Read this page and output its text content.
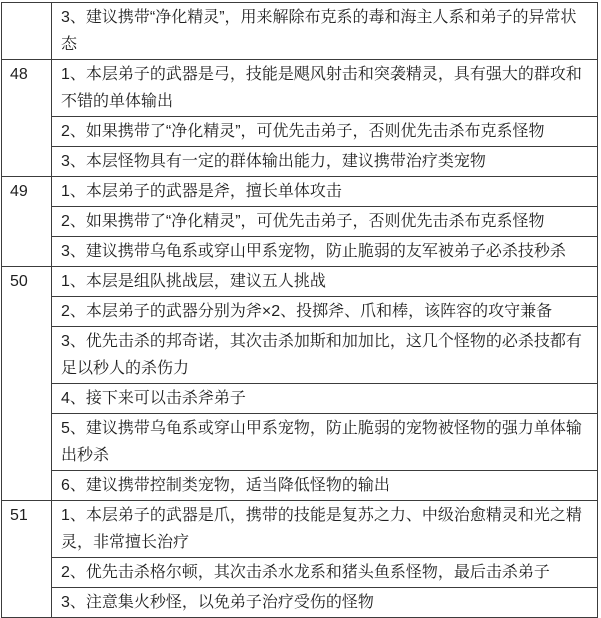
	3、建议携带“净化精灵”，用来解除布克系的毒和海主人系和弟子的异常状态
48	1、本层弟子的武器是弓，技能是飓风射击和突袭精灵，具有强大的群攻和不错的单体输出
	2、如果携带了“净化精灵”，可优先击弟子，否则优先击杀布克系怪物
	3、本层怪物具有一定的群体输出能力，建议携带治疗类宠物
49	1、本层弟子的武器是斧，擅长单体攻击
	2、如果携带了“净化精灵”，可优先击弟子，否则优先击杀布克系怪物
	3、建议携带乌龟系或穿山甲系宠物，防止脆弱的友军被弟子必杀技秒杀
50	1、本层是组队挑战层，建议五人挑战
	2、本层弟子的武器分别为斧×2、投掷斧、爪和棒，该阵容的攻守兼备
	3、优先击杀的邦奇诺，其次击杀加斯和加加比，这几个怪物的必杀技都有足以秒人的杀伤力
	4、接下来可以击杀斧弟子
	5、建议携带乌龟系或穿山甲系宠物，防止脆弱的宠物被怪物的强力单体输出秒杀
	6、建议携带控制类宠物，适当降低怪物的输出
51	1、本层弟子的武器是爪，携带的技能是复苏之力、中级治愈精灵和光之精灵，非常擅长治疗
	2、优先击杀格尔顿，其次击杀水龙系和猪头鱼系怪物，最后击杀弟子
	3、注意集火秒怪，以免弟子治疗受伤的怪物
